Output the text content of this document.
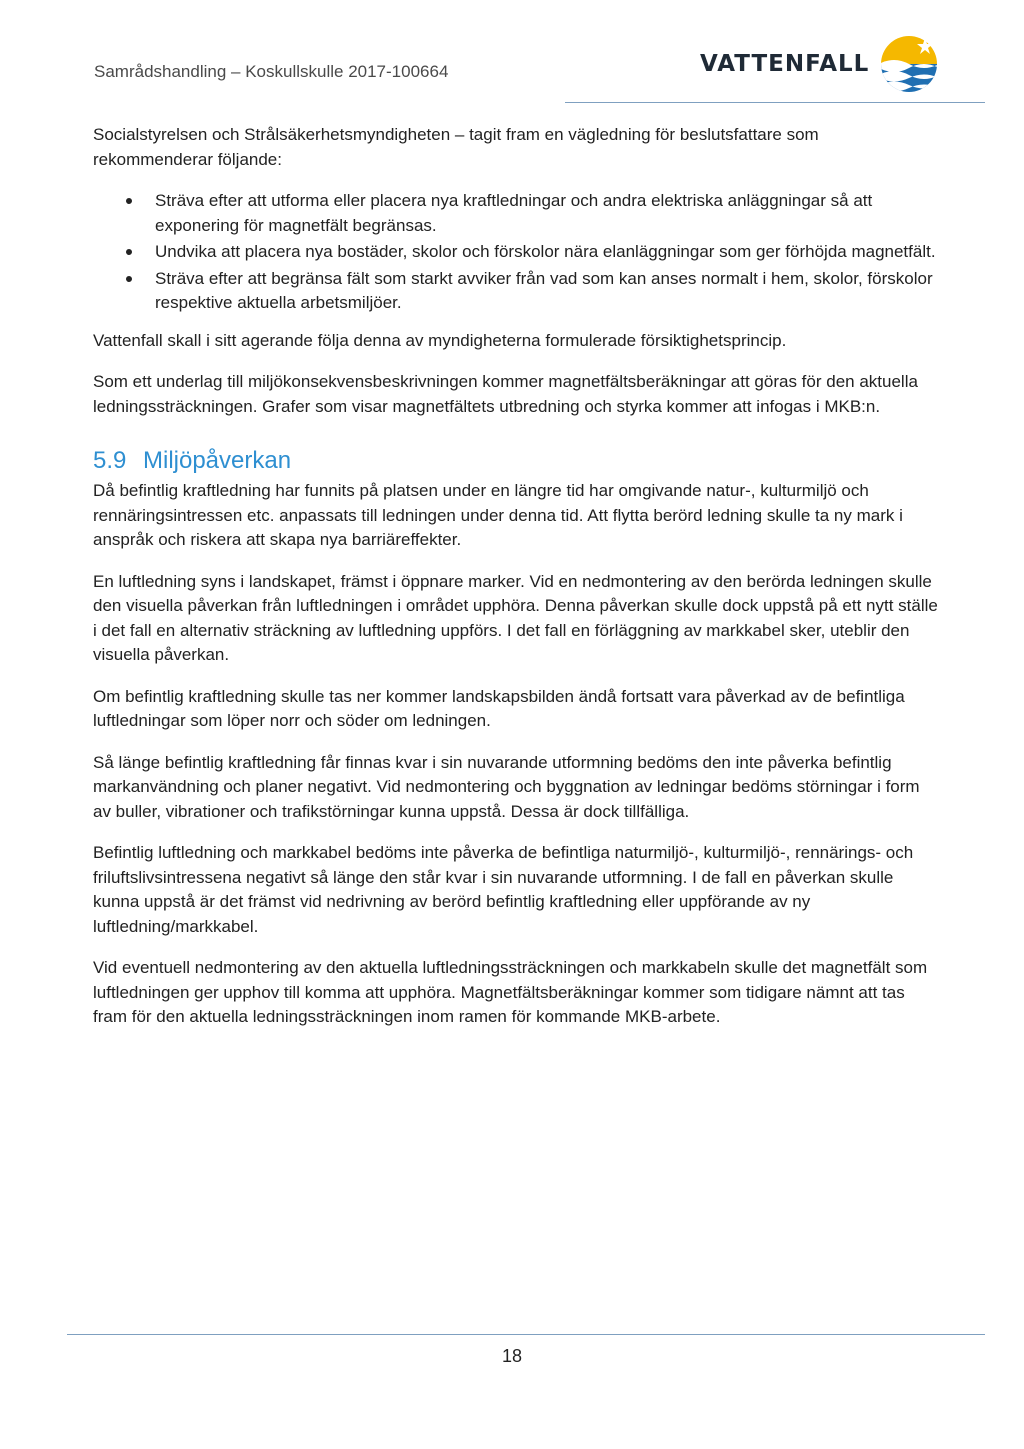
Samrådshandling – Koskullskulle 2017-100664	VATTENFALL

Socialstyrelsen och Strålsäkerhetsmyndigheten – tagit fram en vägledning för beslutsfattare som rekommenderar följande:

Sträva efter att utforma eller placera nya kraftledningar och andra elektriska anläggningar så att exponering för magnetfält begränsas.
Undvika att placera nya bostäder, skolor och förskolor nära elanläggningar som ger förhöjda magnetfält.
Sträva efter att begränsa fält som starkt avviker från vad som kan anses normalt i hem, skolor, förskolor respektive aktuella arbetsmiljöer.

Vattenfall skall i sitt agerande följa denna av myndigheterna formulerade försiktighetsprincip.

Som ett underlag till miljökonsekvensbeskrivningen kommer magnetfältsberäkningar att göras för den aktuella ledningssträckningen. Grafer som visar magnetfältets utbredning och styrka kommer att infogas i MKB:n.

5.9 Miljöpåverkan

Då befintlig kraftledning har funnits på platsen under en längre tid har omgivande natur-, kulturmiljö och rennäringsintressen etc. anpassats till ledningen under denna tid. Att flytta berörd ledning skulle ta ny mark i anspråk och riskera att skapa nya barriäreffekter.

En luftledning syns i landskapet, främst i öppnare marker. Vid en nedmontering av den berörda ledningen skulle den visuella påverkan från luftledningen i området upphöra. Denna påverkan skulle dock uppstå på ett nytt ställe i det fall en alternativ sträckning av luftledning uppförs. I det fall en förläggning av markkabel sker, uteblir den visuella påverkan.

Om befintlig kraftledning skulle tas ner kommer landskapsbilden ändå fortsatt vara påverkad av de befintliga luftledningar som löper norr och söder om ledningen.

Så länge befintlig kraftledning får finnas kvar i sin nuvarande utformning bedöms den inte påverka befintlig markanvändning och planer negativt. Vid nedmontering och byggnation av ledningar bedöms störningar i form av buller, vibrationer och trafikstörningar kunna uppstå. Dessa är dock tillfälliga.

Befintlig luftledning och markkabel bedöms inte påverka de befintliga naturmiljö-, kulturmiljö-, rennärings- och friluftslivsintressena negativt så länge den står kvar i sin nuvarande utformning. I de fall en påverkan skulle kunna uppstå är det främst vid nedrivning av berörd befintlig kraftledning eller uppförande av ny luftledning/markkabel.

Vid eventuell nedmontering av den aktuella luftledningssträckningen och markkabeln skulle det magnetfält som luftledningen ger upphov till komma att upphöra. Magnetfältsberäkningar kommer som tidigare nämnt att tas fram för den aktuella ledningssträckningen inom ramen för kommande MKB-arbete.

18
